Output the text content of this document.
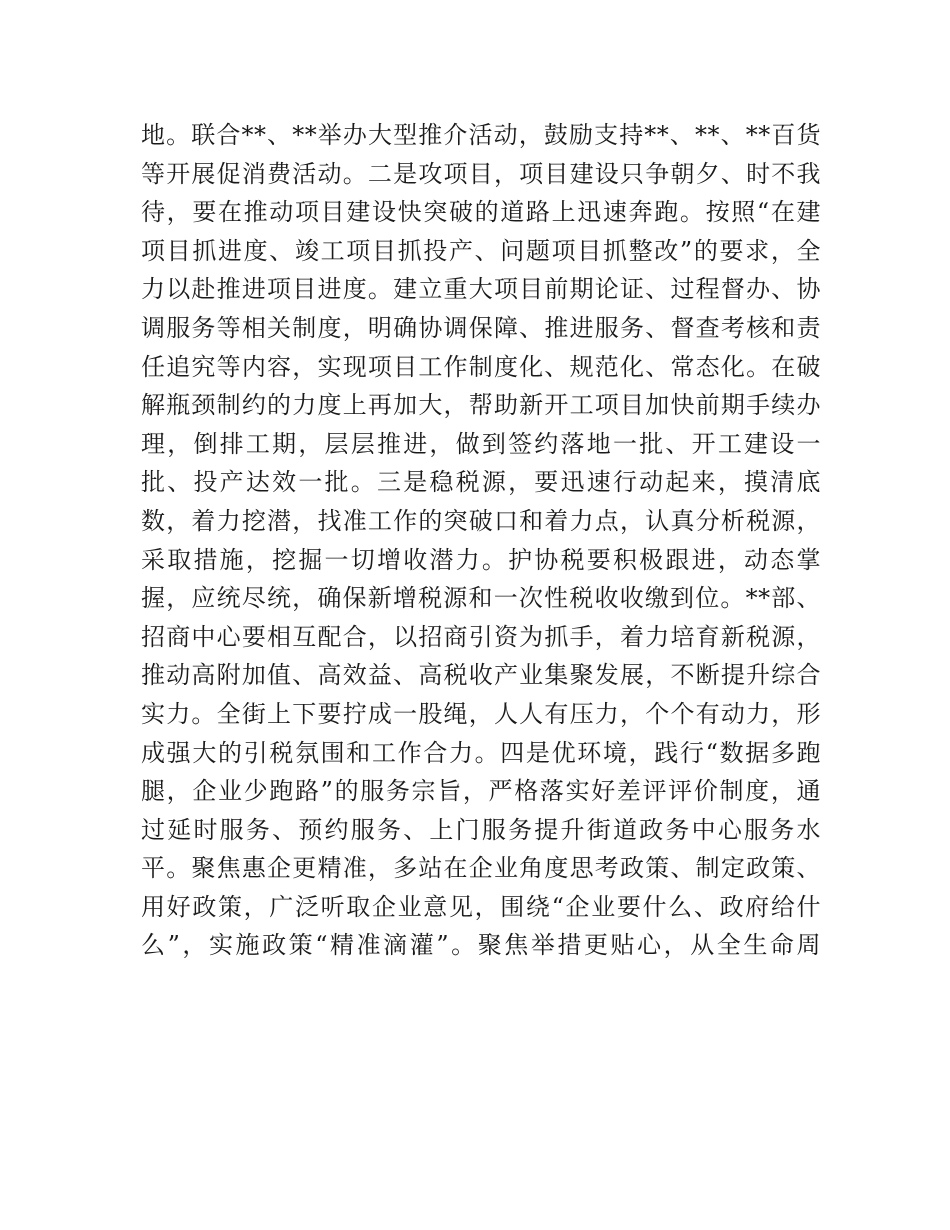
地。联合**、**举办大型推介活动，鼓励支持**、**、**百货
等开展促消费活动。二是攻项目，项目建设只争朝夕、时不我
待，要在推动项目建设快突破的道路上迅速奔跑。按照“在建
项目抓进度、竣工项目抓投产、问题项目抓整改”的要求，全
力以赴推进项目进度。建立重大项目前期论证、过程督办、协
调服务等相关制度，明确协调保障、推进服务、督查考核和责
任追究等内容，实现项目工作制度化、规范化、常态化。在破
解瓶颈制约的力度上再加大，帮助新开工项目加快前期手续办
理，倒排工期，层层推进，做到签约落地一批、开工建设一
批、投产达效一批。三是稳税源，要迅速行动起来，摸清底
数，着力挖潜，找准工作的突破口和着力点，认真分析税源，
采取措施，挖掘一切增收潜力。护协税要积极跟进，动态掌
握，应统尽统，确保新增税源和一次性税收收缴到位。**部、
招商中心要相互配合，以招商引资为抓手，着力培育新税源，
推动高附加值、高效益、高税收产业集聚发展，不断提升综合
实力。全街上下要拧成一股绳，人人有压力，个个有动力，形
成强大的引税氛围和工作合力。四是优环境，践行“数据多跑
腿，企业少跑路”的服务宗旨，严格落实好差评评价制度，通
过延时服务、预约服务、上门服务提升街道政务中心服务水
平。聚焦惠企更精准，多站在企业角度思考政策、制定政策、
用好政策，广泛听取企业意见，围绕“企业要什么、政府给什
么”，实施政策“精准滴灌”。聚焦举措更贴心，从全生命周
